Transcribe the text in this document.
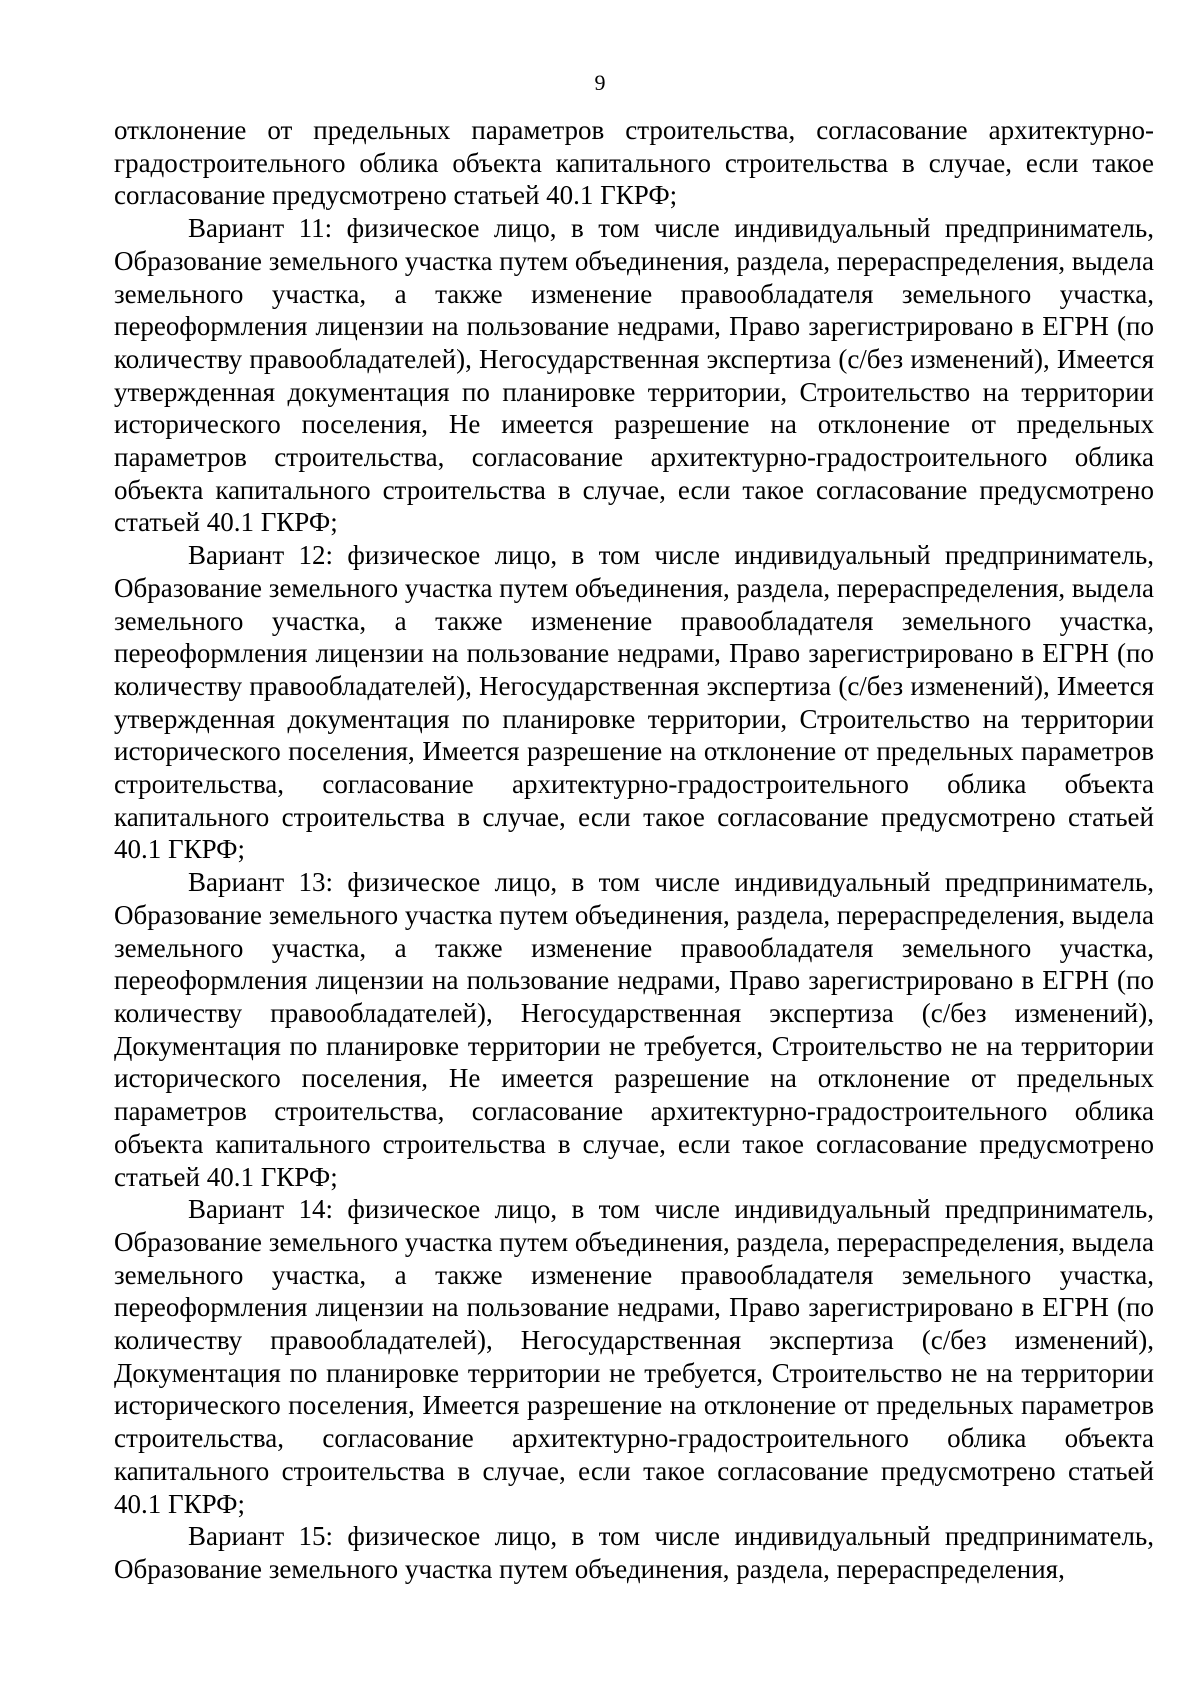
9

отклонение от предельных параметров строительства, согласование архитектурно-градостроительного облика объекта капитального строительства в случае, если такое согласование предусмотрено статьей 40.1 ГКРФ;

Вариант 11: физическое лицо, в том числе индивидуальный предприниматель, Образование земельного участка путем объединения, раздела, перераспределения, выдела земельного участка, а также изменение правообладателя земельного участка, переоформления лицензии на пользование недрами, Право зарегистрировано в ЕГРН (по количеству правообладателей), Негосударственная экспертиза (с/без изменений), Имеется утвержденная документация по планировке территории, Строительство на территории исторического поселения, Не имеется разрешение на отклонение от предельных параметров строительства, согласование архитектурно-градостроительного облика объекта капитального строительства в случае, если такое согласование предусмотрено статьей 40.1 ГКРФ;

Вариант 12: физическое лицо, в том числе индивидуальный предприниматель, Образование земельного участка путем объединения, раздела, перераспределения, выдела земельного участка, а также изменение правообладателя земельного участка, переоформления лицензии на пользование недрами, Право зарегистрировано в ЕГРН (по количеству правообладателей), Негосударственная экспертиза (с/без изменений), Имеется утвержденная документация по планировке территории, Строительство на территории исторического поселения, Имеется разрешение на отклонение от предельных параметров строительства, согласование архитектурно-градостроительного облика объекта капитального строительства в случае, если такое согласование предусмотрено статьей 40.1 ГКРФ;

Вариант 13: физическое лицо, в том числе индивидуальный предприниматель, Образование земельного участка путем объединения, раздела, перераспределения, выдела земельного участка, а также изменение правообладателя земельного участка, переоформления лицензии на пользование недрами, Право зарегистрировано в ЕГРН (по количеству правообладателей), Негосударственная экспертиза (с/без изменений), Документация по планировке территории не требуется, Строительство не на территории исторического поселения, Не имеется разрешение на отклонение от предельных параметров строительства, согласование архитектурно-градостроительного облика объекта капитального строительства в случае, если такое согласование предусмотрено статьей 40.1 ГКРФ;

Вариант 14: физическое лицо, в том числе индивидуальный предприниматель, Образование земельного участка путем объединения, раздела, перераспределения, выдела земельного участка, а также изменение правообладателя земельного участка, переоформления лицензии на пользование недрами, Право зарегистрировано в ЕГРН (по количеству правообладателей), Негосударственная экспертиза (с/без изменений), Документация по планировке территории не требуется, Строительство не на территории исторического поселения, Имеется разрешение на отклонение от предельных параметров строительства, согласование архитектурно-градостроительного облика объекта капитального строительства в случае, если такое согласование предусмотрено статьей 40.1 ГКРФ;

Вариант 15: физическое лицо, в том числе индивидуальный предприниматель, Образование земельного участка путем объединения, раздела, перераспределения,
